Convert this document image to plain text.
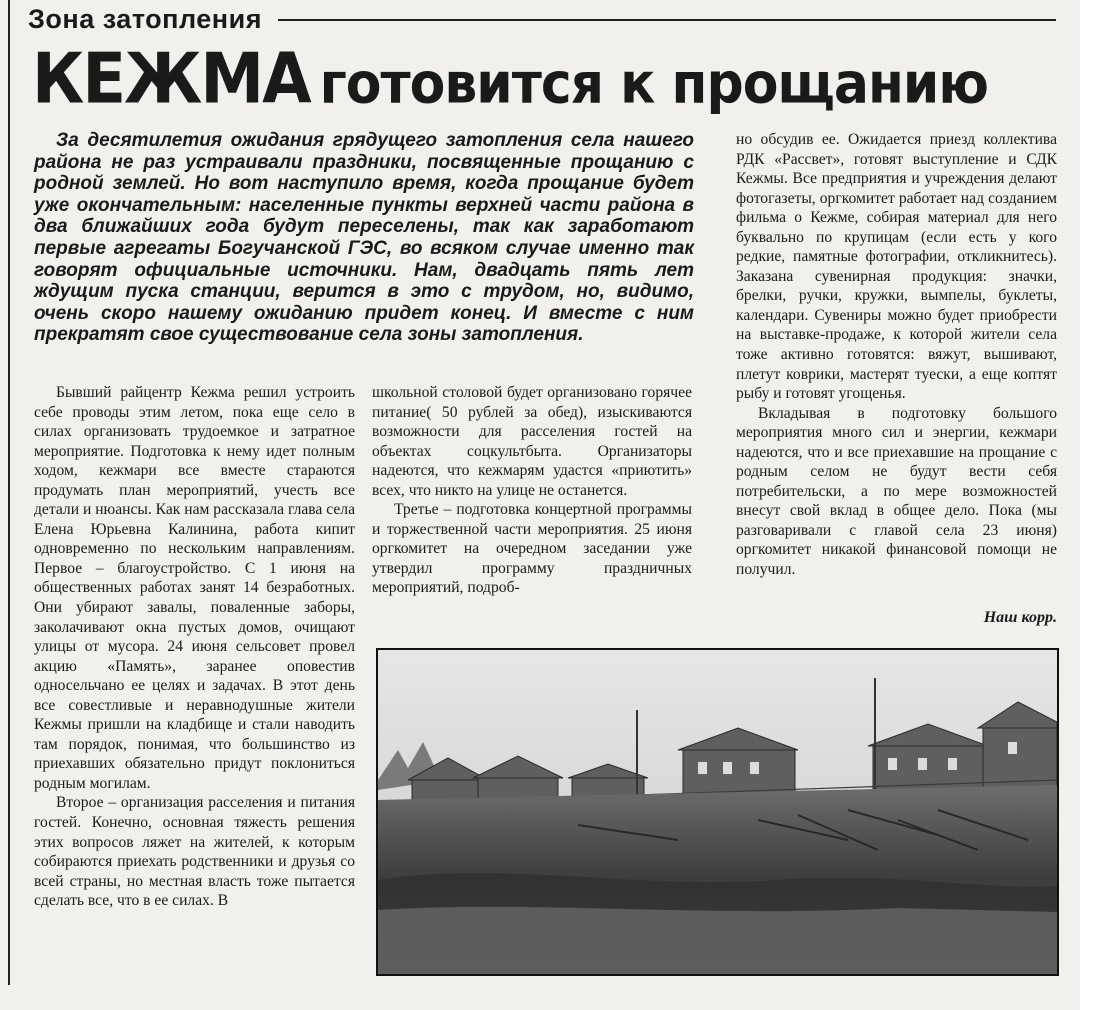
Зона затопления
КЕЖМА готовится к прощанию

За десятилетия ожидания грядущего затопления села нашего района не раз устраивали праздники, посвященные прощанию с родной землей. Но вот наступило время, когда прощание будет уже окончательным: населенные пункты верхней части района в два ближайших года будут переселены, так как заработают первые агрегаты Богучанской ГЭС, во всяком случае именно так говорят официальные источники. Нам, двадцать пять лет ждущим пуска станции, верится в это с трудом, но, видимо, очень скоро нашему ожиданию придет конец. И вместе с ним прекратят свое существование села зоны затопления.

Бывший райцентр Кежма решил устроить себе проводы этим летом, пока еще село в силах организовать трудоемкое и затратное мероприятие. Подготовка к нему идет полным ходом, кежмари все вместе стараются продумать план мероприятий, учесть все детали и нюансы. Как нам рассказала глава села Елена Юрьевна Калинина, работа кипит одновременно по нескольким направлениям. Первое – благоустройство. С 1 июня на общественных работах занят 14 безработных. Они убирают завалы, поваленные заборы, заколачивают окна пустых домов, очищают улицы от мусора. 24 июня сельсовет провел акцию «Память», заранее оповестив односельчано ее целях и задачах. В этот день все совестливые и неравнодушные жители Кежмы пришли на кладбище и стали наводить там порядок, понимая, что большинство из приехавших обязательно придут поклониться родным могилам.

Второе – организация расселения и питания гостей. Конечно, основная тяжесть решения этих вопросов ляжет на жителей, к которым собираются приехать родственники и друзья со всей страны, но местная власть тоже пытается сделать все, что в ее силах. В

школьной столовой будет организовано горячее питание( 50 рублей за обед), изыскиваются возможности для расселения гостей на объектах соцкультбыта. Организаторы надеются, что кежмарям удастся «приютить» всех, что никто на улице не останется.

Третье – подготовка концертной программы и торжественной части мероприятия. 25 июня оргкомитет на очередном заседании уже утвердил программу праздничных мероприятий, подроб-

но обсудив ее. Ожидается приезд коллектива РДК «Рассвет», готовят выступление и СДК Кежмы. Все предприятия и учреждения делают фотогазеты, оргкомитет работает над созданием фильма о Кежме, собирая материал для него буквально по крупицам (если есть у кого редкие, памятные фотографии, откликнитесь). Заказана сувенирная продукция: значки, брелки, ручки, кружки, вымпелы, буклеты, календари. Сувениры можно будет приобрести на выставке-продаже, к которой жители села тоже активно готовятся: вяжут, вышивают, плетут коврики, мастерят туески, а еще коптят рыбу и готовят угощенья.

Вкладывая в подготовку большого мероприятия много сил и энергии, кежмари надеются, что и все приехавшие на прощание с родным селом не будут вести себя потребительски, а по мере возможностей внесут свой вклад в общее дело. Пока (мы разговаривали с главой села 23 июня) оргкомитет никакой финансовой помощи не получил.

Наш корр.
